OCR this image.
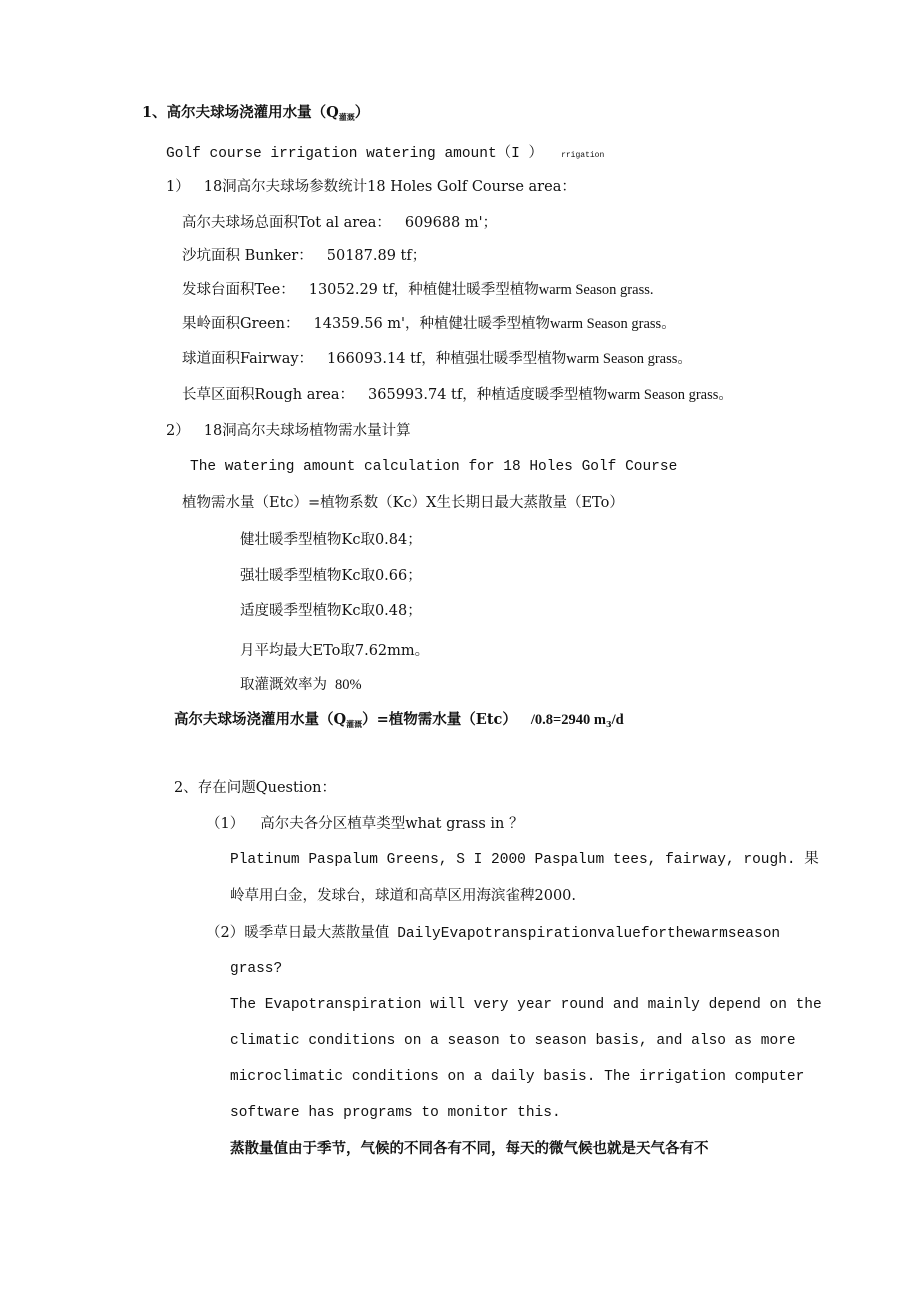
1、高尔夫球场浇灌用水量$(Q_{灌溉})$
Golf course irrigation watering amount（I ） rrigation
1） 18洞高尔夫球场参数统计18 Holes Golf Course area：
高尔夫球场总面积Tot al area： 609688 m'；
沙坑面积 Bunker： 50187.89 tf；
发球台面积Tee： 13052.29 tf，种植健壮暖季型植物warm Season grass.
果岭面积Green： 14359.56 m'，种植健壮暖季型植物warm Season grass。
球道面积Fairway： 166093.14 tf，种植强壮暖季型植物warm Season grass。
长草区面积Rough area： 365993.74 tf，种植适度暖季型植物warm Season grass。
2） 18洞高尔夫球场植物需水量计算
The watering amount calculation for 18 Holes Golf Course
植物需水量（Etc）=植物系数（Kc）X生长期日最大蒸散量（ETo）
健壮暖季型植物Kc取0.84；
强壮暖季型植物Kc取0.66；
适度暖季型植物Kc取0.48；
月平均最大ETo取7.62mm。
取灌溉效率为 80%
高尔夫球场浇灌用水量$(Q_{灌溉})=$植物需水量（Etc） /0.8=2940 $m_3/d$
2、存在问题Question：
（1） 高尔夫各分区植草类型what grass in ？
Platinum Paspalum Greens, S I 2000 Paspalum tees, fairway, rough. 果
岭草用白金，发球台，球道和高草区用海滨雀稗2000.
（2）暖季草日最大蒸散量值 DailyEvapotranspirationvalueforthewarmseason
grass?
The Evapotranspiration will very year round and mainly depend on the
climatic conditions on a season to season basis, and also as more
microclimatic conditions on a daily basis. The irrigation computer
software has programs to monitor this.
蒸散量值由于季节，气候的不同各有不同，每天的微气候也就是天气各有不
